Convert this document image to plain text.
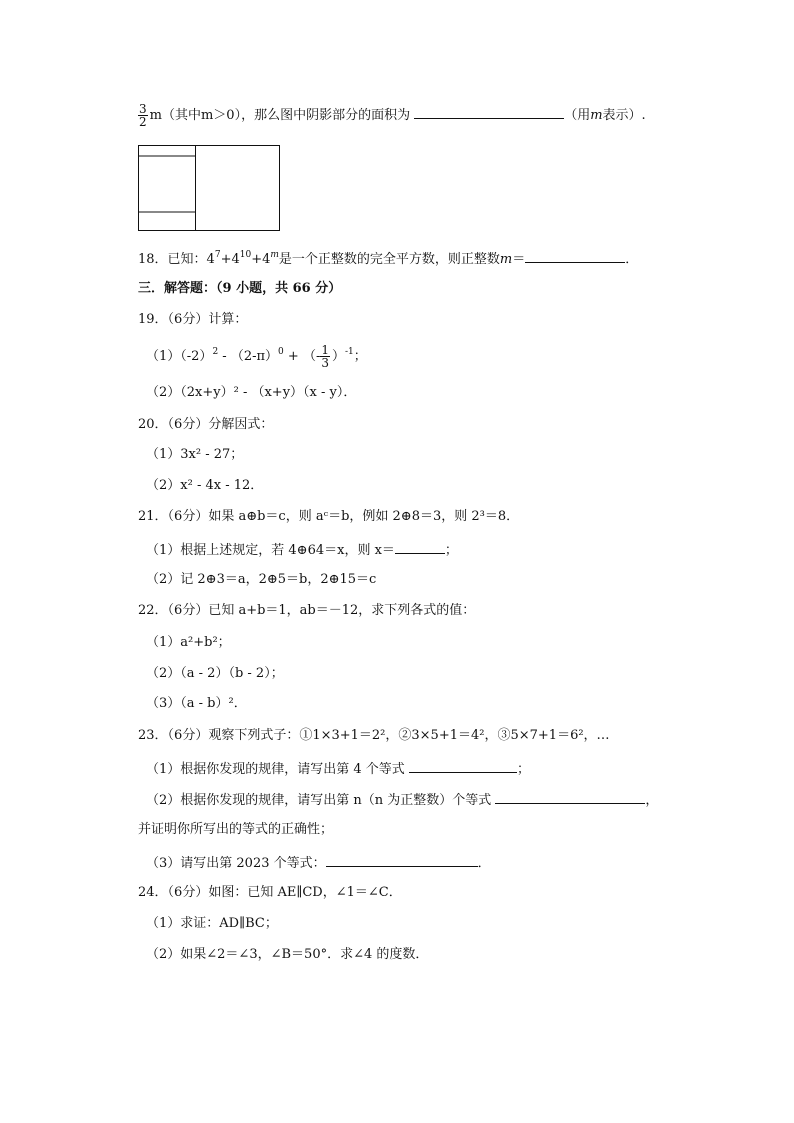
$\frac{3}{2} m$（其中m＞0），那么图中阴影部分的面积为	（用m表示）.
18．已知：$4^7+4^{10}+4^m$是一个正整数的完全平方数，则正整数m＝	．
三．解答题：（9 小题，共 66 分）
19．（6分）计算：
$(1)(-2)^2 - (2-\pi)^0$ + （- $\frac{1}{3} )^{-1}$；
（2）（2x+y）² - （x+y）（x - y）．
20．（6分）分解因式：
（1）3x² - 27；
（2）x² - 4x - 12．
21．（6分）如果 a⊕b＝c，则 aᶜ＝b，例如 2⊕8＝3，则 2³＝8．
（1）根据上述规定，若 4⊕64＝x，则 x＝	；
（2）记 2⊕3＝a，2⊕5＝b，2⊕15＝c
22．（6分）已知 a+b＝1，ab＝－12，求下列各式的值：
（1）a²+b²；
（2）（a - 2）（b - 2）；
（3）（a - b）²．
23．（6分）观察下列式子：①1×3+1＝2²，②3×5+1＝4²，③5×7+1＝6²，…
（1）根据你发现的规律，请写出第 4 个等式	；
（2）根据你发现的规律，请写出第 n（n 为正整数）个等式	，
并证明你所写出的等式的正确性；
（3）请写出第 2023 个等式：	．
24．（6分）如图：已知 AE∥CD，∠1＝∠C．
（1）求证：AD∥BC；
（2）如果∠2＝∠3，∠B＝50°．求∠4 的度数．
